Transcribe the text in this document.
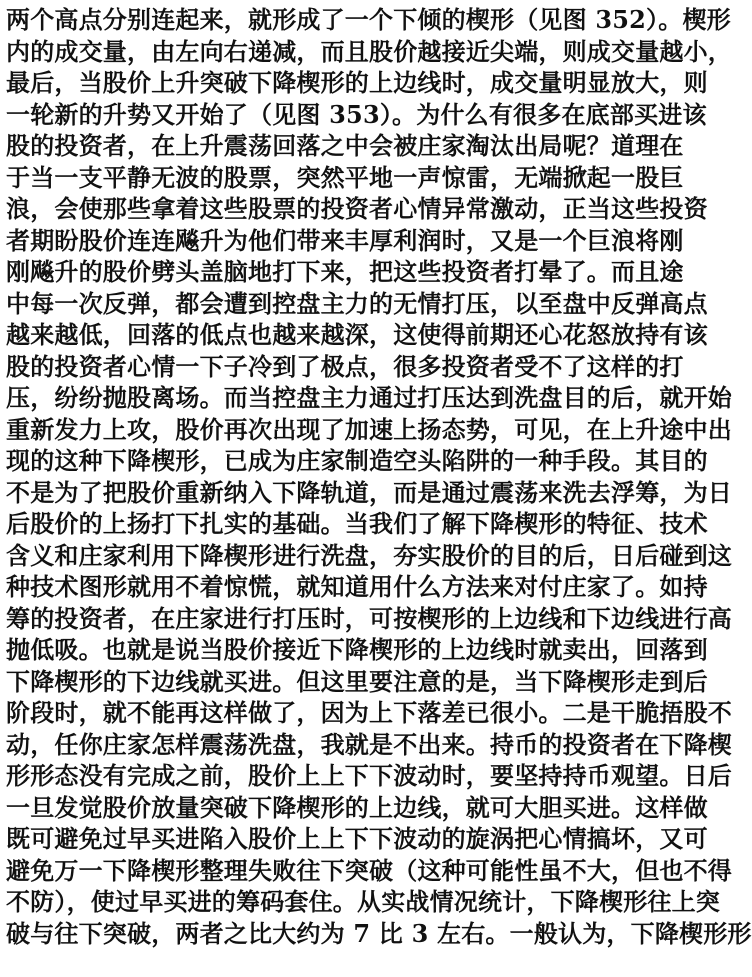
两个高点分别连起来，就形成了一个下倾的楔形（见图 352）。楔形
内的成交量，由左向右递减，而且股价越接近尖端，则成交量越小，
最后，当股价上升突破下降楔形的上边线时，成交量明显放大，则
一轮新的升势又开始了（见图 353）。为什么有很多在底部买进该
股的投资者，在上升震荡回落之中会被庄家淘汰出局呢？道理在
于当一支平静无波的股票，突然平地一声惊雷，无端掀起一股巨
浪，会使那些拿着这些股票的投资者心情异常激动，正当这些投资
者期盼股价连连飚升为他们带来丰厚利润时，又是一个巨浪将刚
刚飚升的股价劈头盖脑地打下来，把这些投资者打晕了。而且途
中每一次反弹，都会遭到控盘主力的无情打压，以至盘中反弹高点
越来越低，回落的低点也越来越深，这使得前期还心花怒放持有该
股的投资者心情一下子冷到了极点，很多投资者受不了这样的打
压，纷纷抛股离场。而当控盘主力通过打压达到洗盘目的后，就开始
重新发力上攻，股价再次出现了加速上扬态势，可见，在上升途中出
现的这种下降楔形，已成为庄家制造空头陷阱的一种手段。其目的
不是为了把股价重新纳入下降轨道，而是通过震荡来洗去浮筹，为日
后股价的上扬打下扎实的基础。当我们了解下降楔形的特征、技术
含义和庄家利用下降楔形进行洗盘，夯实股价的目的后，日后碰到这
种技术图形就用不着惊慌，就知道用什么方法来对付庄家了。如持
筹的投资者，在庄家进行打压时，可按楔形的上边线和下边线进行高
抛低吸。也就是说当股价接近下降楔形的上边线时就卖出，回落到
下降楔形的下边线就买进。但这里要注意的是，当下降楔形走到后
阶段时，就不能再这样做了，因为上下落差已很小。二是干脆捂股不
动，任你庄家怎样震荡洗盘，我就是不出来。持币的投资者在下降楔
形形态没有完成之前，股价上上下下波动时，要坚持持币观望。日后
一旦发觉股价放量突破下降楔形的上边线，就可大胆买进。这样做
既可避免过早买进陷入股价上上下下波动的旋涡把心情搞坏，又可
避免万一下降楔形整理失败往下突破（这种可能性虽不大，但也不得
不防），使过早买进的筹码套住。从实战情况统计，下降楔形往上突
破与往下突破，两者之比大约为 7 比 3 左右。一般认为，下降楔形形
